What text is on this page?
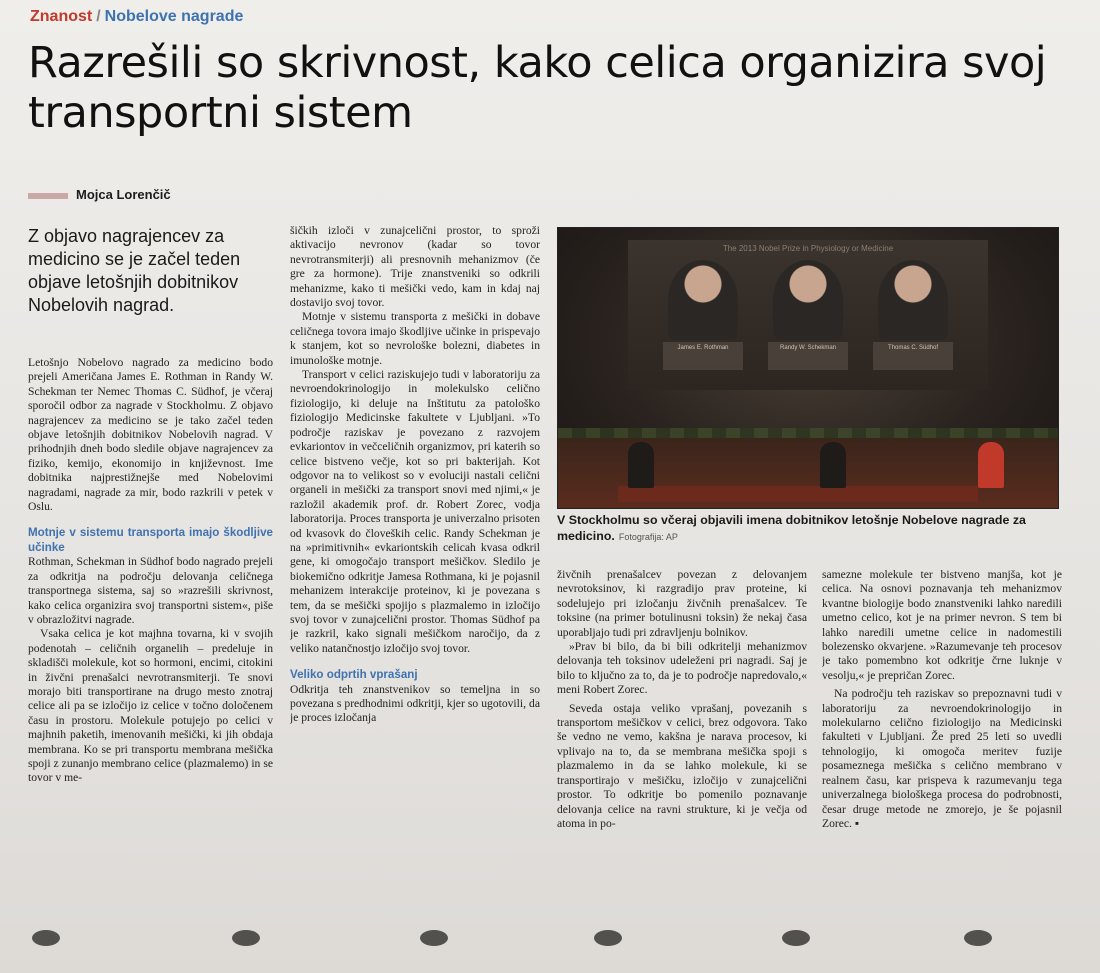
Znanost / Nobelove nagrade
Razrešili so skrivnost, kako celica organizira svoj transportni sistem
Mojca Lorenčič
Z objavo nagrajencev za medicino se je začel teden objave letošnjih dobitnikov Nobelovih nagrad.

Letošnjo Nobelovo nagrado za medicino bodo prejeli Američana James E. Rothman in Randy W. Schekman ter Nemec Thomas C. Südhof, je včeraj sporočil odbor za nagrade v Stockholmu. Z objavo nagrajencev za medicino se je tako začel teden objave letošnjih dobitnikov Nobelovih nagrad. V prihodnjih dneh bodo sledile objave nagrajencev za fiziko, kemijo, ekonomijo in književnost. Ime dobitnika najprestižnejše med Nobelovimi nagradami, nagrade za mir, bodo razkrili v petek v Oslu.

Motnje v sistemu transporta imajo škodljive učinke

Rothman, Schekman in Südhof bodo nagrado prejeli za odkritja na področju delovanja celičnega transportnega sistema, saj so »razrešili skrivnost, kako celica organizira svoj transportni sistem«, piše v obrazložitvi nagrade.

Vsaka celica je kot majhna tovarna, ki v svojih podenotah – celičnih organelih – predeluje in skladišči molekule, kot so hormoni, encimi, citokini in živčni prenašalci nevrotransmiterji. Te snovi morajo biti transportirane na drugo mesto znotraj celice ali pa se izločijo iz celice v točno določenem času in prostoru. Molekule potujejo po celici v majhnih paketih, imenovanih mešički, ki jih obdaja membrana. Ko se pri transportu membrana mešička spoji z zunanjo membrano celice (plazmalemo) in se tovor v me-

šičkih izloči v zunajcelični prostor, to sproži aktivacijo nevronov (kadar so tovor nevrotransmiterji) ali presnovnih mehanizmov (če gre za hormone). Trije znanstveniki so odkrili mehanizme, kako ti mešički vedo, kam in kdaj naj dostavijo svoj tovor.

Motnje v sistemu transporta z mešički in dobave celičnega tovora imajo škodljive učinke in prispevajo k stanjem, kot so nevrološke bolezni, diabetes in imunološke motnje.

Transport v celici raziskujejo tudi v laboratoriju za nevroendokrinologijo in molekulsko celično fiziologijo, ki deluje na Inštitutu za patološko fiziologijo Medicinske fakultete v Ljubljani. »To področje raziskav je povezano z razvojem evkariontov in večceličnih organizmov, pri katerih so celice bistveno večje, kot so pri bakterijah. Kot odgovor na to velikost so v evoluciji nastali celični organeli in mešički za transport snovi med njimi,« je razložil akademik prof. dr. Robert Zorec, vodja laboratorija. Proces transporta je univerzalno prisoten od kvasovk do človeških celic. Randy Schekman je na »primitivnih« evkariontskih celicah kvasa odkril gene, ki omogočajo transport mešičkov. Sledilo je biokemično odkritje Jamesa Rothmana, ki je pojasnil mehanizem interakcije proteinov, ki je povezana s tem, da se mešički spojijo s plazmalemo in izločijo svoj tovor v zunajcelični prostor. Thomas Südhof pa je razkril, kako signali mešičkom naročijo, da z veliko natančnostjo izločijo svoj tovor.

Veliko odprtih vprašanj

Odkritja teh znanstvenikov so temeljna in so povezana s predhodnimi odkritji, kjer so ugotovili, da je proces izločanja

The 2013 Nobel Prize in Physiology or Medicine
James E. Rothman	Randy W. Schekman	Thomas C. Südhof
V Stockholmu so včeraj objavili imena dobitnikov letošnje Nobelove nagrade za medicino. Fotografija: AP

živčnih prenašalcev povezan z delovanjem nevrotoksinov, ki razgradijo prav proteine, ki sodelujejo pri izločanju živčnih prenašalcev. Te toksine (na primer botulinusni toksin) že nekaj časa uporabljajo tudi pri zdravljenju bolnikov.

»Prav bi bilo, da bi bili odkritelji mehanizmov delovanja teh toksinov udeleženi pri nagradi. Saj je bilo to ključno za to, da je to področje napredovalo,« meni Robert Zorec.

Seveda ostaja veliko vprašanj, povezanih s transportom mešičkov v celici, brez odgovora. Tako še vedno ne vemo, kakšna je narava procesov, ki vplivajo na to, da se membrana mešička spoji s plazmalemo in da se lahko molekule, ki se transportirajo v mešičku, izločijo v zunajcelični prostor. To odkritje bo pomenilo poznavanje delovanja celice na ravni strukture, ki je večja od atoma in po-

samezne molekule ter bistveno manjša, kot je celica. Na osnovi poznavanja teh mehanizmov kvantne biologije bodo znanstveniki lahko naredili umetno celico, kot je na primer nevron. S tem bi lahko naredili umetne celice in nadomestili bolezensko okvarjene. »Razumevanje teh procesov je tako pomembno kot odkritje črne luknje v vesolju,« je prepričan Zorec.

Na področju teh raziskav so prepoznavni tudi v laboratoriju za nevroendokrinologijo in molekularno celično fiziologijo na Medicinski fakulteti v Ljubljani. Že pred 25 leti so uvedli tehnologijo, ki omogoča meritev fuzije posameznega mešička s celično membrano v realnem času, kar prispeva k razumevanju tega univerzalnega biološkega procesa do podrobnosti, česar druge metode ne zmorejo, je še pojasnil Zorec. ▪
